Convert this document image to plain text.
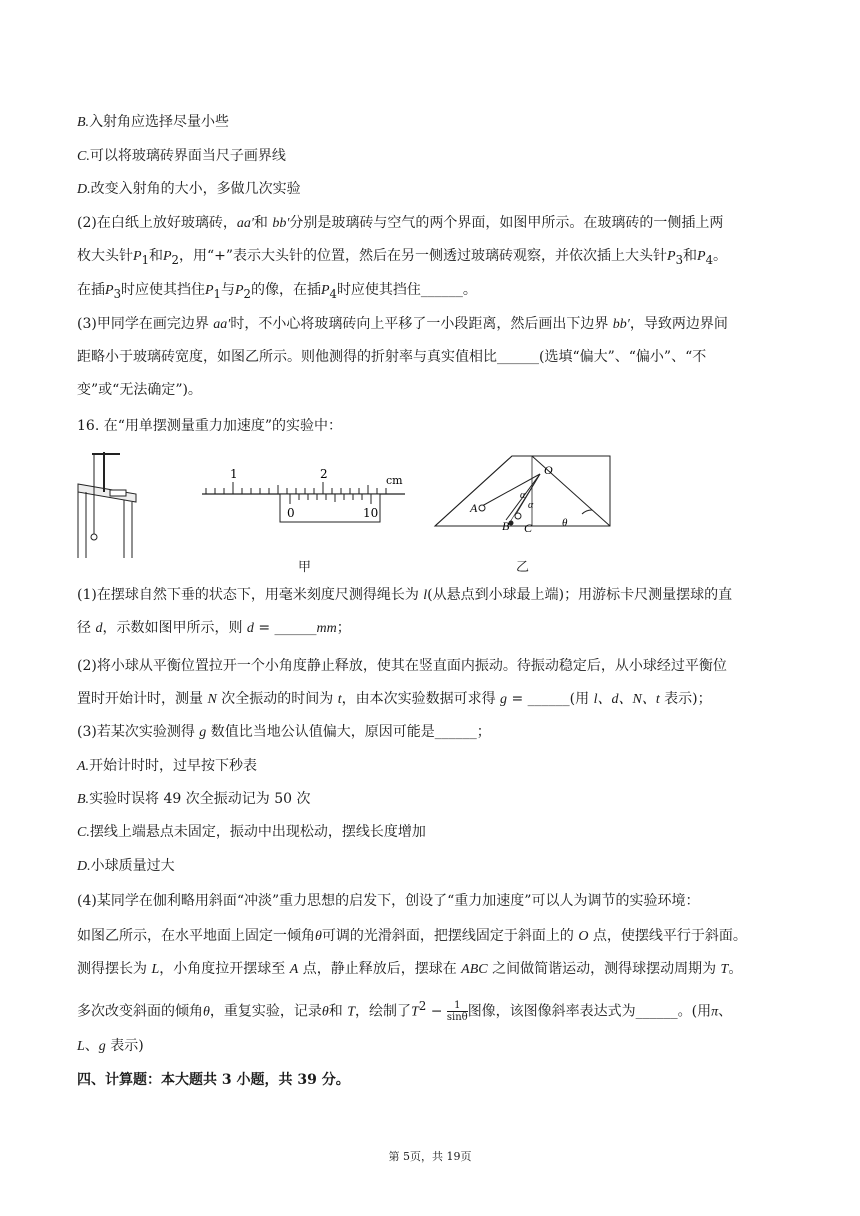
B.入射角应选择尽量小些
C.可以将玻璃砖界面当尺子画界线
D.改变入射角的大小，多做几次实验
(2)在白纸上放好玻璃砖，aa′和 bb′分别是玻璃砖与空气的两个界面，如图甲所示。在玻璃砖的一侧插上两
枚大头针$P_1$和$P_2$，用“+”表示大头针的位置，然后在另一侧透过玻璃砖观察，并依次插上大头针$P_3$和$P_4$。
在插$P_3$时应使其挡住$P_1$与$P_2$的像，在插$P_4$时应使其挡住______。
(3)甲同学在画完边界 aa′时，不小心将玻璃砖向上平移了一小段距离，然后画出下边界 bb′，导致两边界间
距略小于玻璃砖宽度，如图乙所示。则他测得的折射率与真实值相比______(选填“偏大”、“偏小”、“不
变”或“无法确定”)。
16. 在“用单摆测量重力加速度”的实验中：
1	2	cm
0	10
O
A
B C
α
α
θ
甲	乙
(1)在摆球自然下垂的状态下，用毫米刻度尺测得绳长为 l(从悬点到小球最上端)；用游标卡尺测量摆球的直
径 d，示数如图甲所示，则 d = ______mm；
(2)将小球从平衡位置拉开一个小角度静止释放，使其在竖直面内振动。待振动稳定后，从小球经过平衡位
置时开始计时，测量 N 次全振动的时间为 t，由本次实验数据可求得 g = ______(用 l、d、N、t 表示)；
(3)若某次实验测得 g 数值比当地公认值偏大，原因可能是______；
A.开始计时时，过早按下秒表
B.实验时误将 49 次全振动记为 50 次
C.摆线上端悬点未固定，振动中出现松动，摆线长度增加
D.小球质量过大
(4)某同学在伽利略用斜面“冲淡”重力思想的启发下，创设了“重力加速度”可以人为调节的实验环境：
如图乙所示，在水平地面上固定一倾角θ可调的光滑斜面，把摆线固定于斜面上的 O 点，使摆线平行于斜面。
测得摆长为 L，小角度拉开摆球至 A 点，静止释放后，摆球在 ABC 之间做简谐运动，测得球摆动周期为 T。
多次改变斜面的倾角θ，重复实验，记录θ和 T，绘制了$T^2 - \frac{1}{\sin\theta}$ 图像，该图像斜率表达式为______。(用π、
L、g 表示)
四、计算题：本大题共 3 小题，共 39 分。
第 5页，共 19页
